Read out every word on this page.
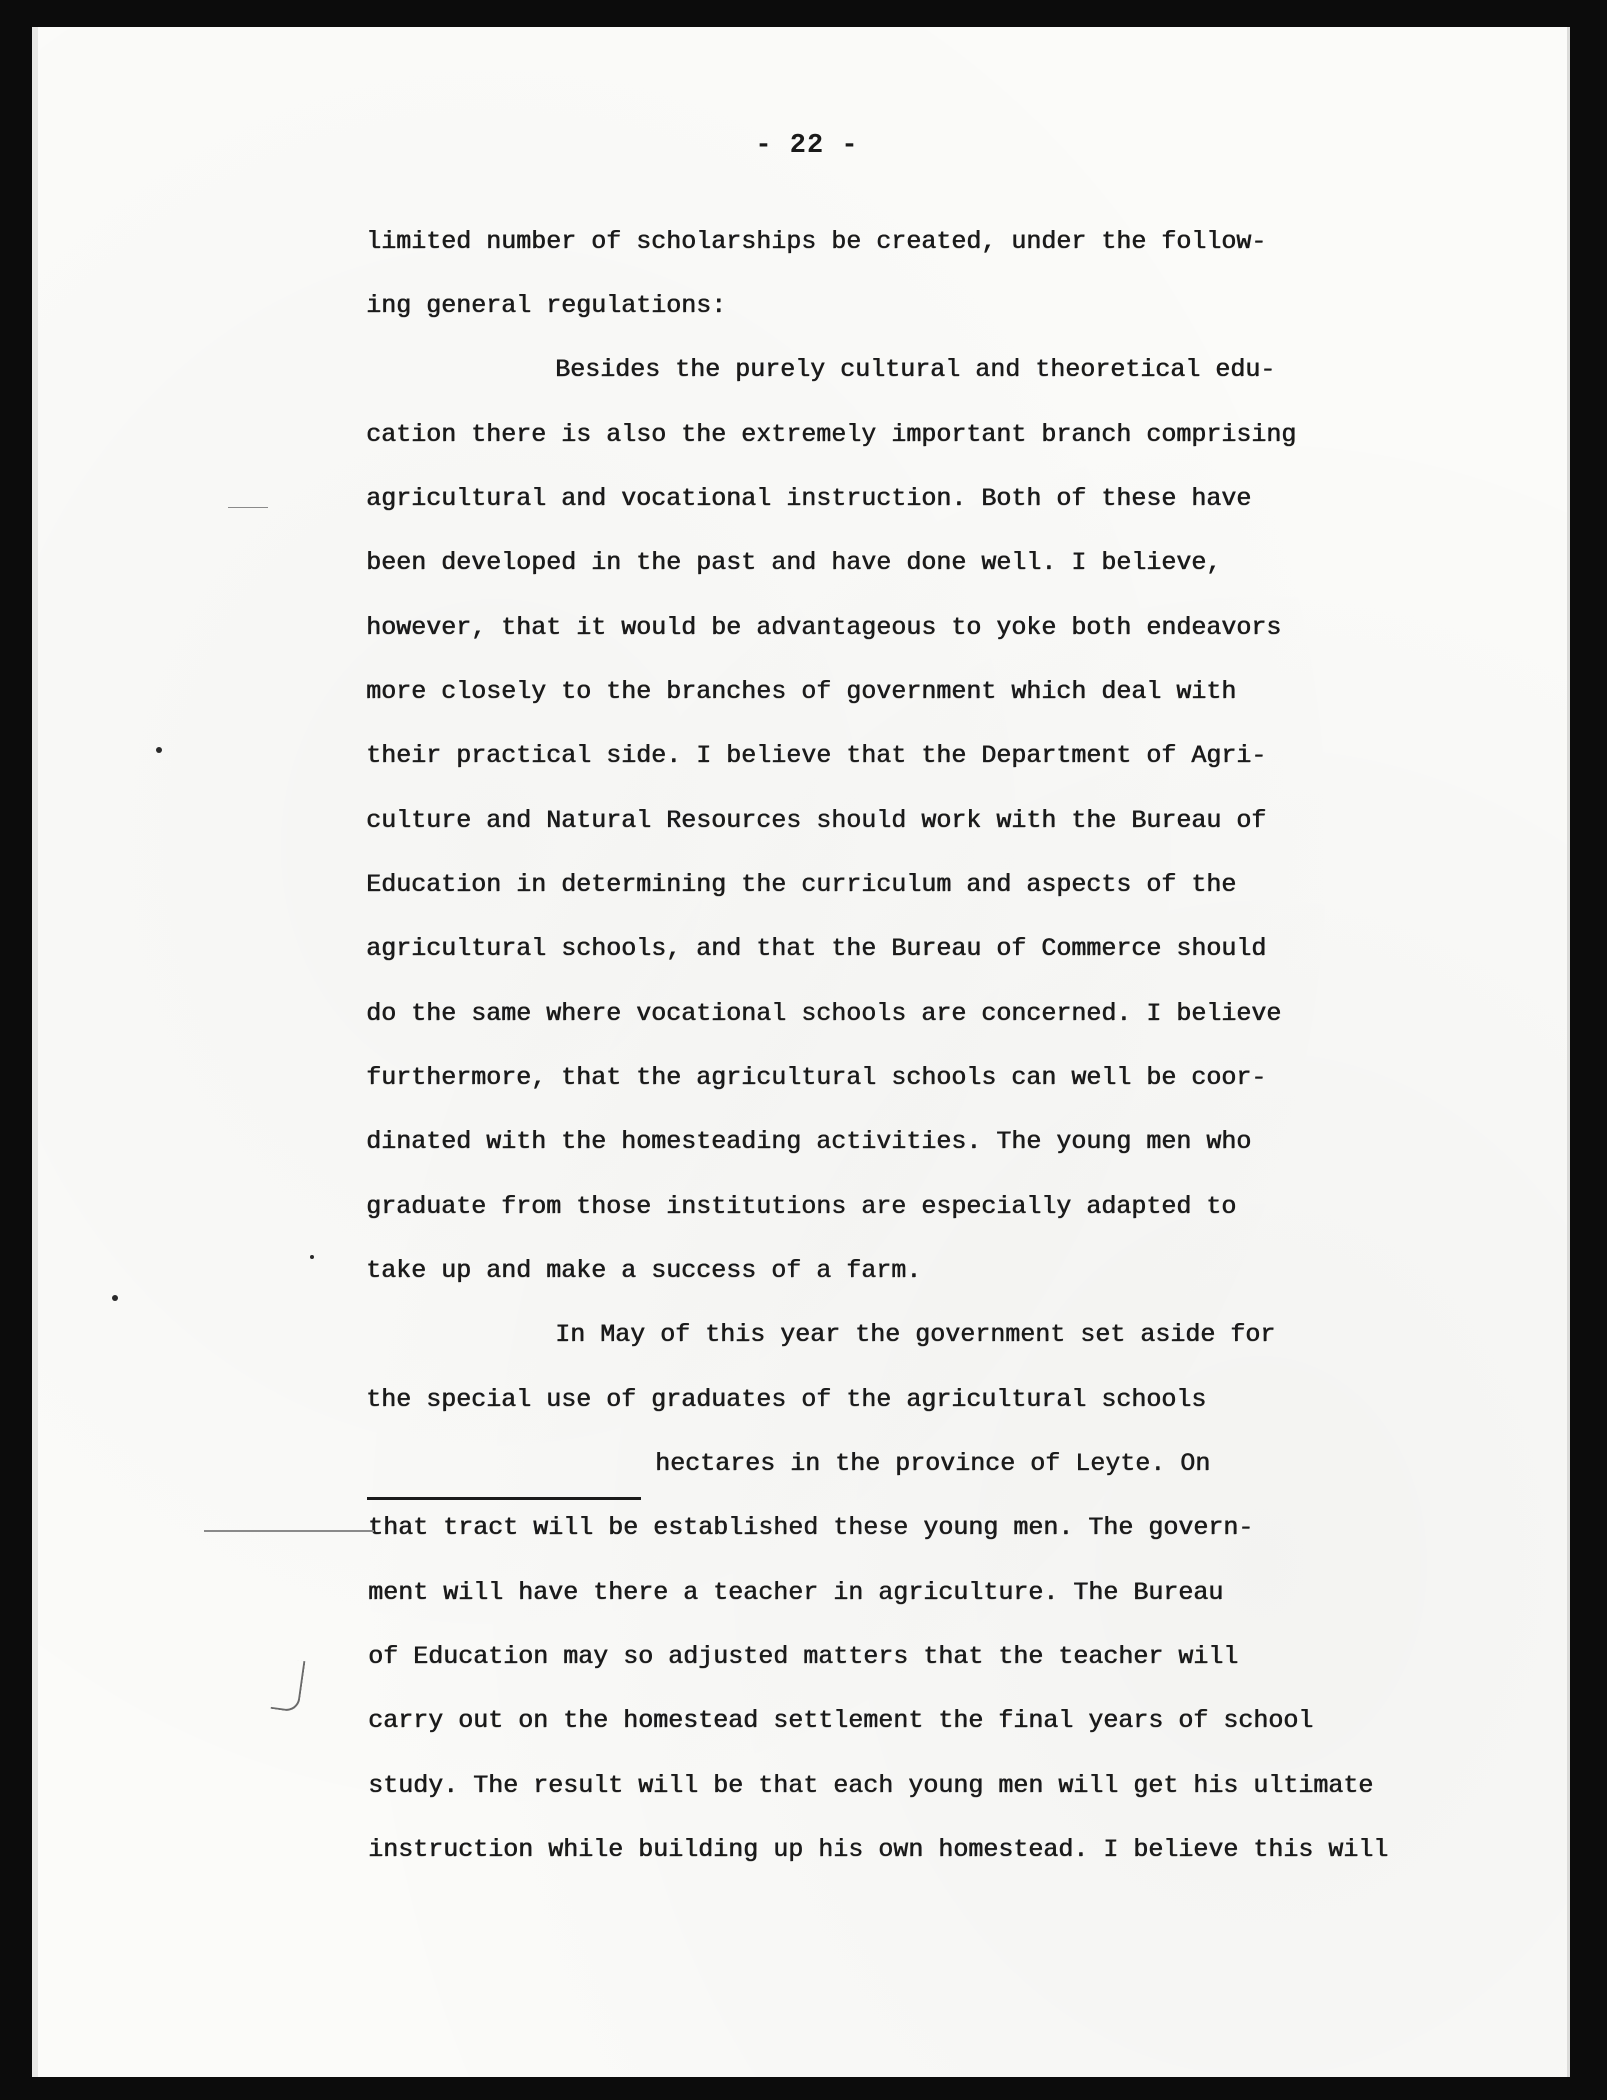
- 22 -
limited number of scholarships be created, under the follow-
ing general regulations:
Besides the purely cultural and theoretical edu-
cation there is also the extremely important branch comprising
agricultural and vocational instruction. Both of these have
been developed in the past and have done well. I believe,
however, that it would be advantageous to yoke both endeavors
more closely to the branches of government which deal with
their practical side. I believe that the Department of Agri-
culture and Natural Resources should work with the Bureau of
Education in determining the curriculum and aspects of the
agricultural schools, and that the Bureau of Commerce should
do the same where vocational schools are concerned. I believe
furthermore, that the agricultural schools can well be coor-
dinated with the homesteading activities. The young men who
graduate from those institutions are especially adapted to
take up and make a success of a farm.
In May of this year the government set aside for
the special use of graduates of the agricultural schools
hectares in the province of Leyte. On
that tract will be established these young men. The govern-
ment will have there a teacher in agriculture. The Bureau
of Education may so adjusted matters that the teacher will
carry out on the homestead settlement the final years of school
study. The result will be that each young men will get his ultimate
instruction while building up his own homestead. I believe this will
